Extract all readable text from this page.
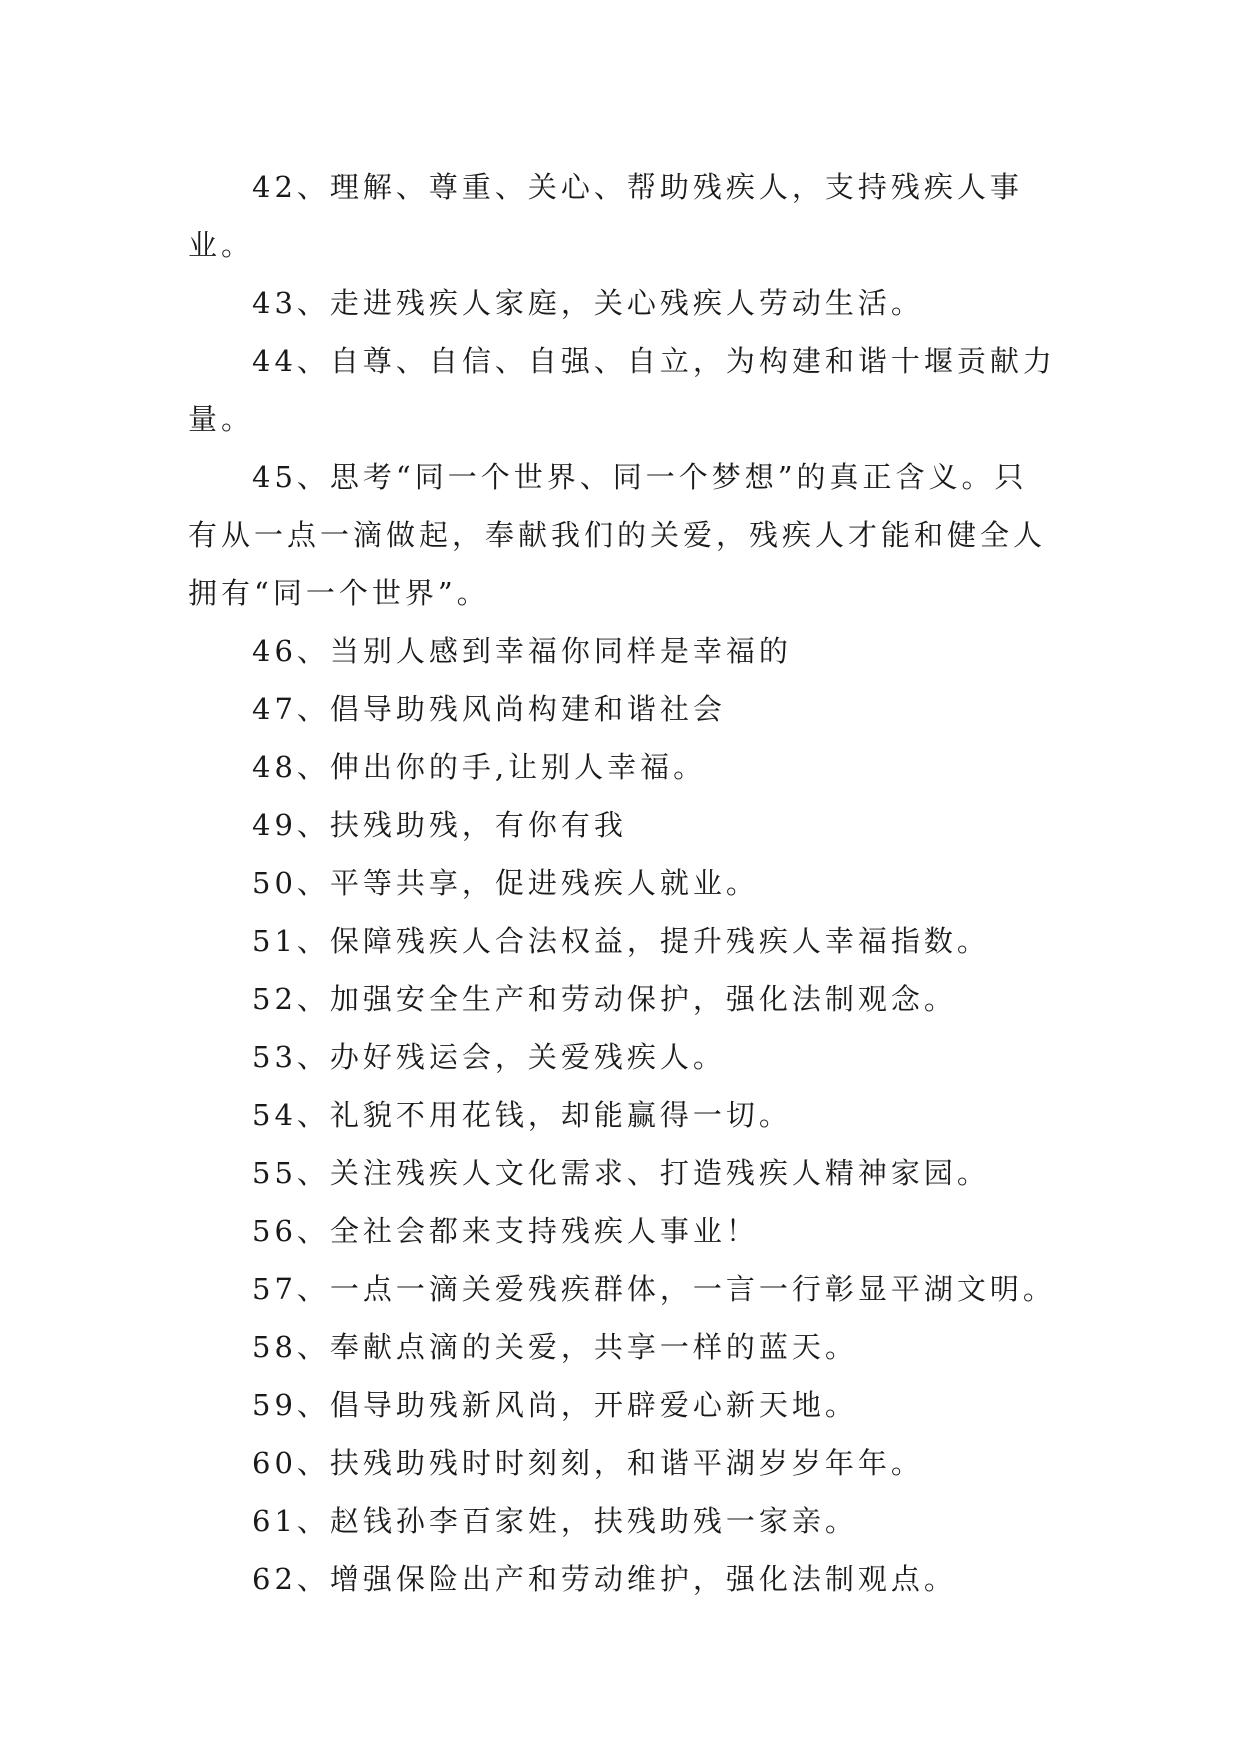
42、理解、尊重、关心、帮助残疾人，支持残疾人事业。

43、走进残疾人家庭，关心残疾人劳动生活。

44、自尊、自信、自强、自立，为构建和谐十堰贡献力量。

45、思考“同一个世界、同一个梦想”的真正含义。只有从一点一滴做起，奉献我们的关爱，残疾人才能和健全人拥有“同一个世界”。

46、当别人感到幸福你同样是幸福的

47、倡导助残风尚构建和谐社会

48、伸出你的手,让别人幸福。

49、扶残助残，有你有我

50、平等共享，促进残疾人就业。

51、保障残疾人合法权益，提升残疾人幸福指数。

52、加强安全生产和劳动保护，强化法制观念。

53、办好残运会，关爱残疾人。

54、礼貌不用花钱，却能赢得一切。

55、关注残疾人文化需求、打造残疾人精神家园。

56、全社会都来支持残疾人事业！

57、一点一滴关爱残疾群体，一言一行彰显平湖文明。

58、奉献点滴的关爱，共享一样的蓝天。

59、倡导助残新风尚，开辟爱心新天地。

60、扶残助残时时刻刻，和谐平湖岁岁年年。

61、赵钱孙李百家姓，扶残助残一家亲。

62、增强保险出产和劳动维护，强化法制观点。
